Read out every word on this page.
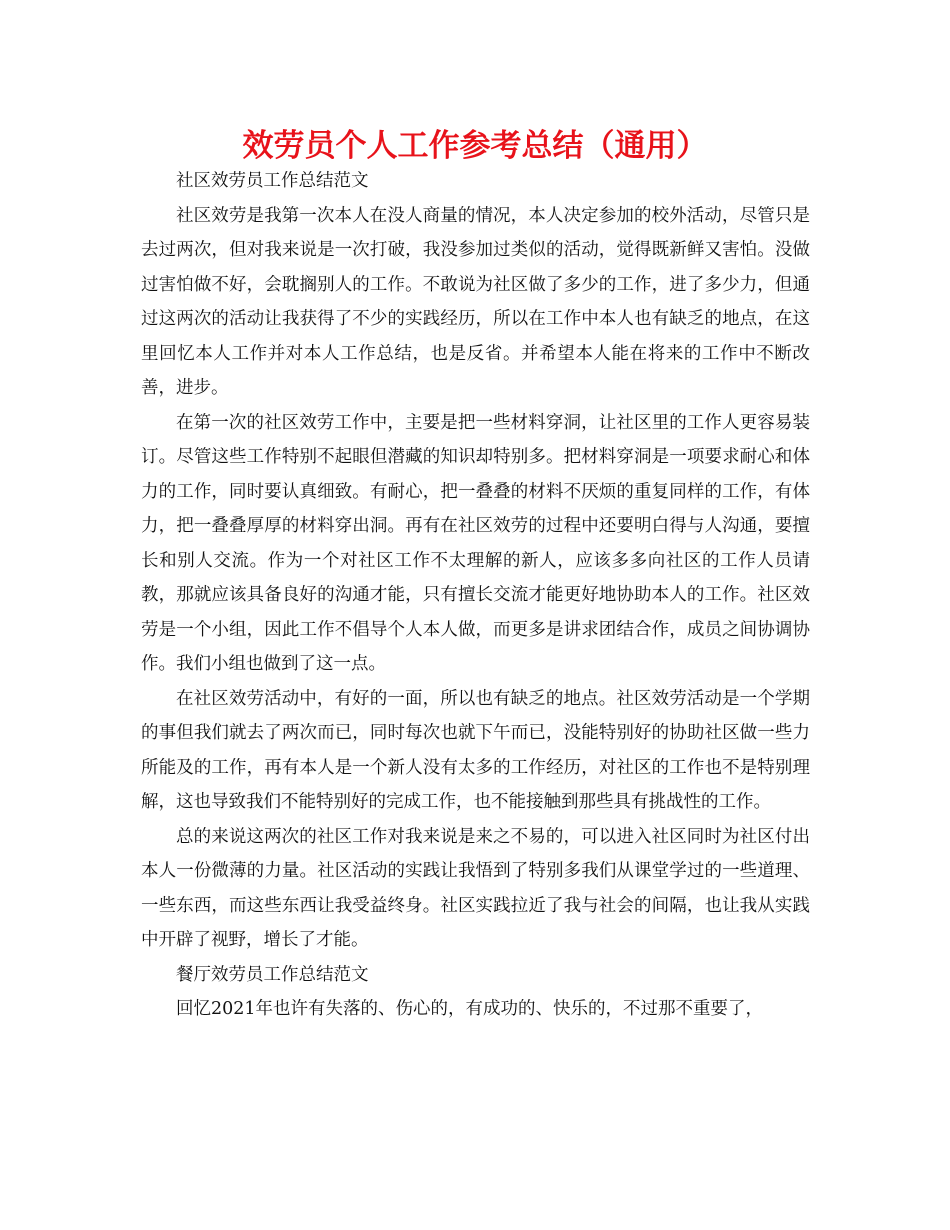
效劳员个人工作参考总结（通用）

社区效劳员工作总结范文

社区效劳是我第一次本人在没人商量的情况，本人决定参加的校外活动，尽管只是去过两次，但对我来说是一次打破，我没参加过类似的活动，觉得既新鲜又害怕。没做过害怕做不好，会耽搁别人的工作。不敢说为社区做了多少的工作，进了多少力，但通过这两次的活动让我获得了不少的实践经历，所以在工作中本人也有缺乏的地点，在这里回忆本人工作并对本人工作总结，也是反省。并希望本人能在将来的工作中不断改善，进步。

在第一次的社区效劳工作中，主要是把一些材料穿洞，让社区里的工作人更容易装订。尽管这些工作特别不起眼但潜藏的知识却特别多。把材料穿洞是一项要求耐心和体力的工作，同时要认真细致。有耐心，把一叠叠的材料不厌烦的重复同样的工作，有体力，把一叠叠厚厚的材料穿出洞。再有在社区效劳的过程中还要明白得与人沟通，要擅长和别人交流。作为一个对社区工作不太理解的新人，应该多多向社区的工作人员请教，那就应该具备良好的沟通才能，只有擅长交流才能更好地协助本人的工作。社区效劳是一个小组，因此工作不倡导个人本人做，而更多是讲求团结合作，成员之间协调协作。我们小组也做到了这一点。

在社区效劳活动中，有好的一面，所以也有缺乏的地点。社区效劳活动是一个学期的事但我们就去了两次而已，同时每次也就下午而已，没能特别好的协助社区做一些力所能及的工作，再有本人是一个新人没有太多的工作经历，对社区的工作也不是特别理解，这也导致我们不能特别好的完成工作，也不能接触到那些具有挑战性的工作。

总的来说这两次的社区工作对我来说是来之不易的，可以进入社区同时为社区付出本人一份微薄的力量。社区活动的实践让我悟到了特别多我们从课堂学过的一些道理、一些东西，而这些东西让我受益终身。社区实践拉近了我与社会的间隔，也让我从实践中开辟了视野，增长了才能。

餐厅效劳员工作总结范文

回忆2021年也许有失落的、伤心的，有成功的、快乐的，不过那不重要了，
